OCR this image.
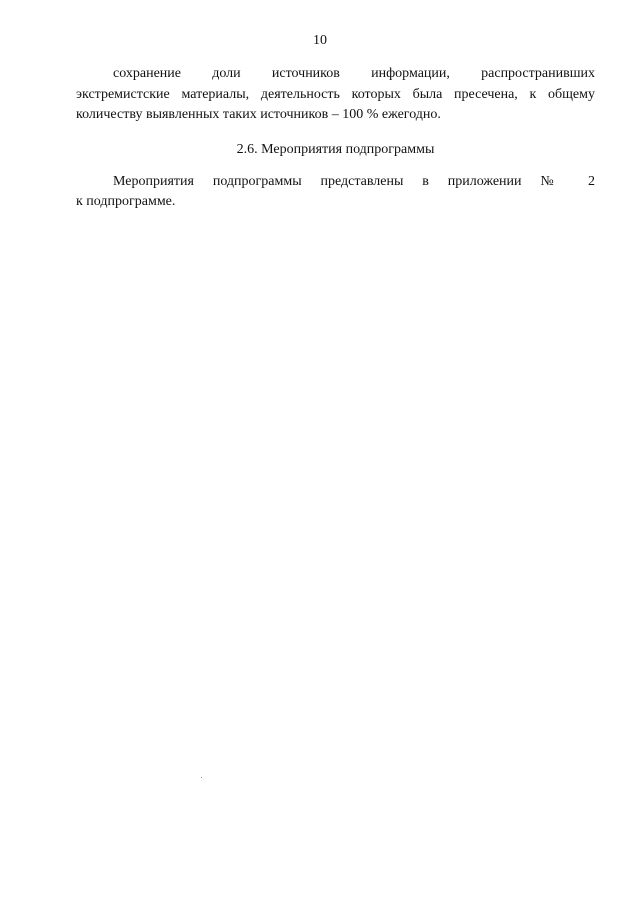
10

сохранение доли источников информации, распространивших
экстремистские материалы, деятельность которых была пресечена, к общему
количеству выявленных таких источников – 100 % ежегодно.

2.6. Мероприятия подпрограммы

Мероприятия подпрограммы представлены в приложении № 2
к подпрограмме.
